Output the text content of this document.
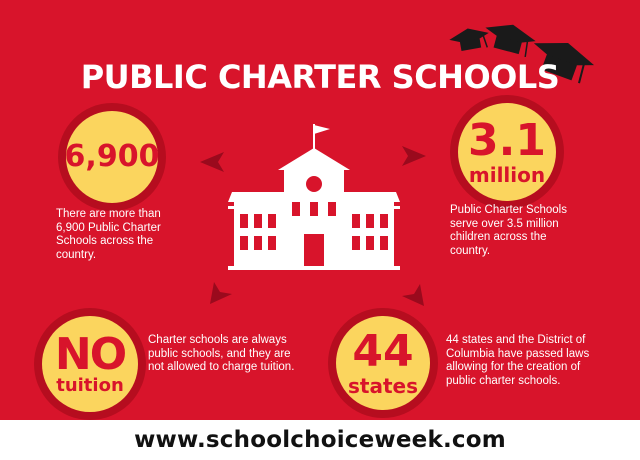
PUBLIC CHARTER SCHOOLS
6,900	3.1
million
NO
tuition
44
states
There are more than 6,900 Public Charter Schools across the country.
Public Charter Schools serve over 3.5 million children across the country.
Charter schools are always public schools, and they are not allowed to charge tuition.
44 states and the District of Columbia have passed laws allowing for the creation of public charter schools.
www.schoolchoiceweek.com
